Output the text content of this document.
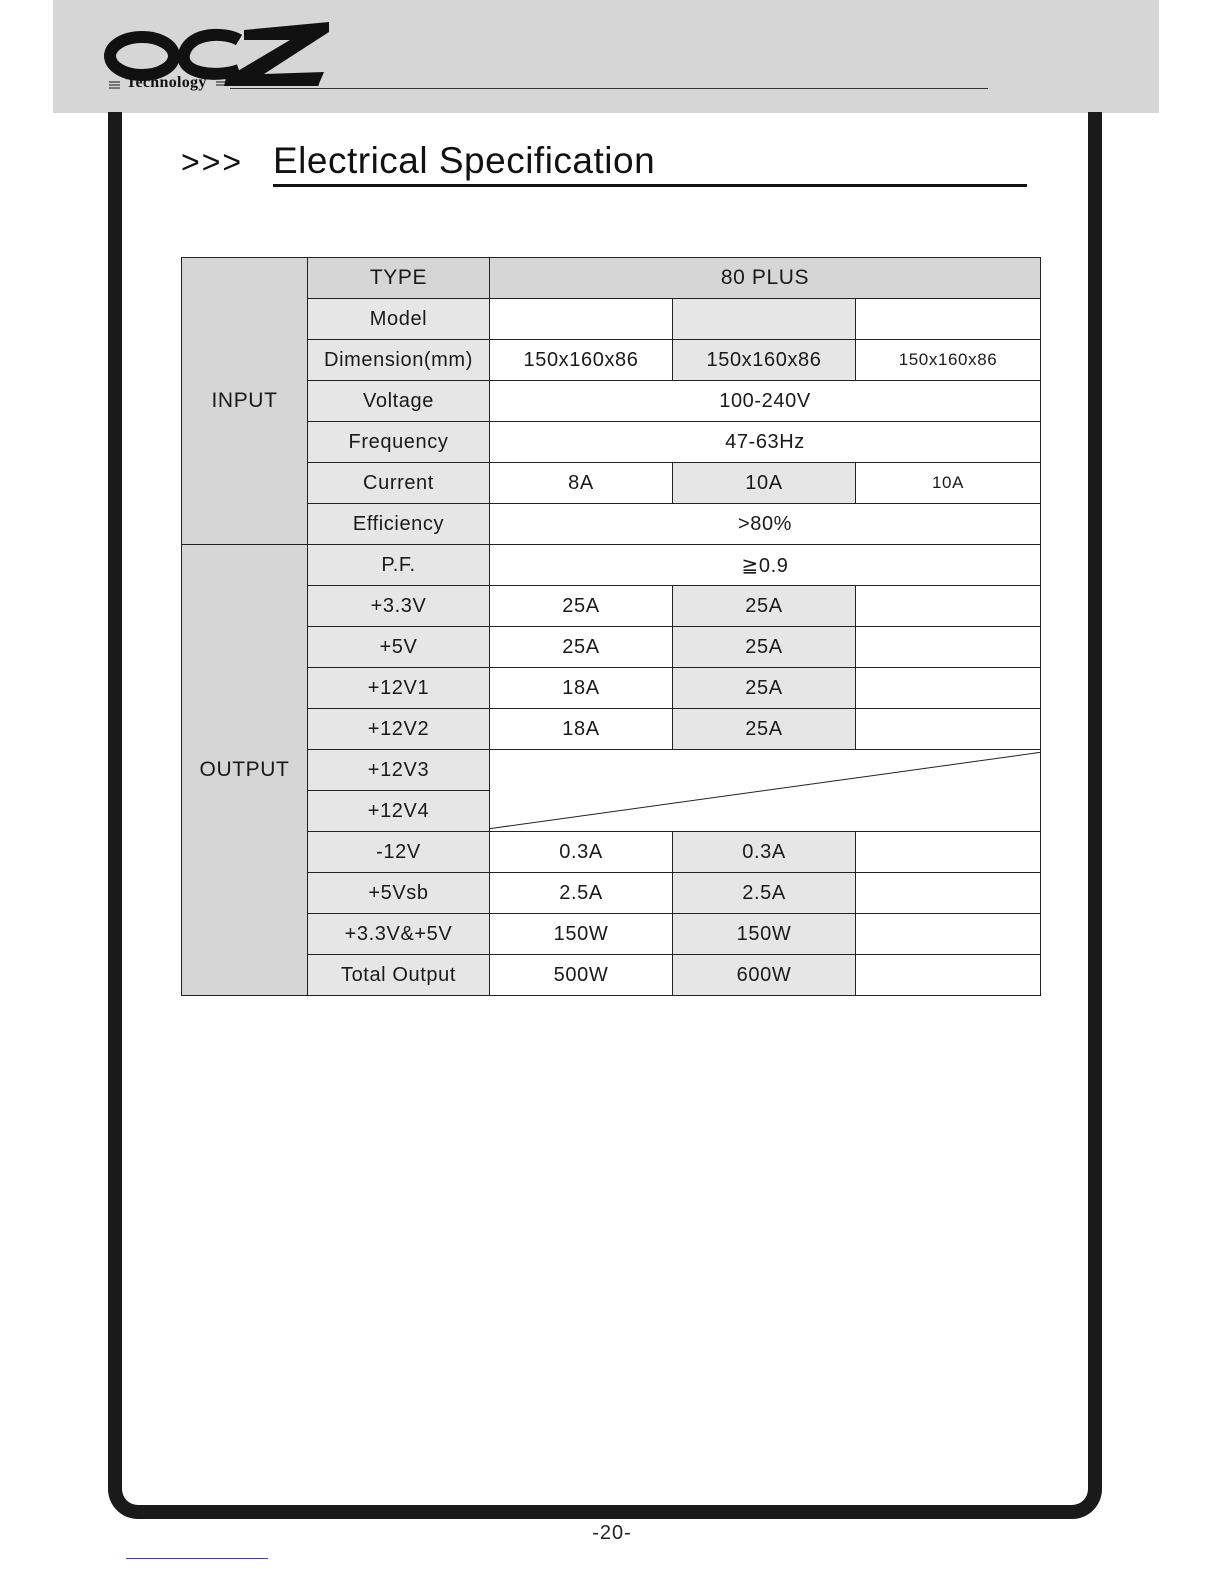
Technology
>>> Electrical Specification
INPUT	TYPE	80 PLUS		
	Model			
	Dimension(mm)	150x160x86	150x160x86	150x160x86
	Voltage	100-240V		
	Frequency	47-63Hz		
	Current	8A	10A	10A
	Efficiency	>80%		
OUTPUT	P.F.	≧0.9		
	+3.3V	25A	25A	
	+5V	25A	25A	
	+12V1	18A	25A	
	+12V2	18A	25A	
	+12V3	

	+12V4			
	-12V	0.3A	0.3A	
	+5Vsb	2.5A	2.5A	
	+3.3V&+5V	150W	150W	
	Total Output	500W	600W	
-20-
